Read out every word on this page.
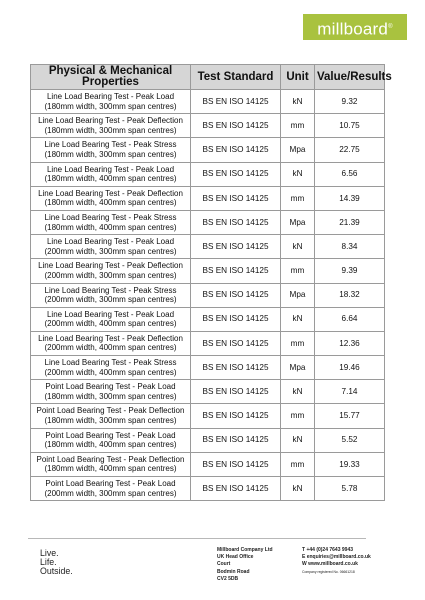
millboard®
Physical & Mechanical Properties	Test Standard	Unit	Value/Results
Line Load Bearing Test - Peak Load (180mm width, 300mm span centres)	BS EN ISO 14125	kN	9.32
Line Load Bearing Test - Peak Deflection (180mm width, 300mm span centres)	BS EN ISO 14125	mm	10.75
Line Load Bearing Test - Peak Stress (180mm width, 300mm span centres)	BS EN ISO 14125	Mpa	22.75
Line Load Bearing Test - Peak Load (180mm width, 400mm span centres)	BS EN ISO 14125	kN	6.56
Line Load Bearing Test - Peak Deflection (180mm width, 400mm span centres)	BS EN ISO 14125	mm	14.39
Line Load Bearing Test - Peak Stress (180mm width, 400mm span centres)	BS EN ISO 14125	Mpa	21.39
Line Load Bearing Test - Peak Load (200mm width, 300mm span centres)	BS EN ISO 14125	kN	8.34
Line Load Bearing Test - Peak Deflection (200mm width, 300mm span centres)	BS EN ISO 14125	mm	9.39
Line Load Bearing Test - Peak Stress (200mm width, 300mm span centres)	BS EN ISO 14125	Mpa	18.32
Line Load Bearing Test - Peak Load (200mm width, 400mm span centres)	BS EN ISO 14125	kN	6.64
Line Load Bearing Test - Peak Deflection (200mm width, 400mm span centres)	BS EN ISO 14125	mm	12.36
Line Load Bearing Test - Peak Stress (200mm width, 400mm span centres)	BS EN ISO 14125	Mpa	19.46
Point Load Bearing Test - Peak Load (180mm width, 300mm span centres)	BS EN ISO 14125	kN	7.14
Point Load Bearing Test - Peak Deflection (180mm width, 300mm span centres)	BS EN ISO 14125	mm	15.77
Point Load Bearing Test - Peak Load (180mm width, 400mm span centres)	BS EN ISO 14125	kN	5.52
Point Load Bearing Test - Peak Deflection (180mm width, 400mm span centres)	BS EN ISO 14125	mm	19.33
Point Load Bearing Test - Peak Load (200mm width, 300mm span centres)	BS EN ISO 14125	kN	5.78
Live.
Life.
Outside.
Millboard Company Ltd
UK Head Office
Court
Bodmin Road
CV2 5DB
T +44 (0)24 7643 9943
E enquiries@millboard.co.uk
W www.millboard.co.uk
Company registered No. 06661218
